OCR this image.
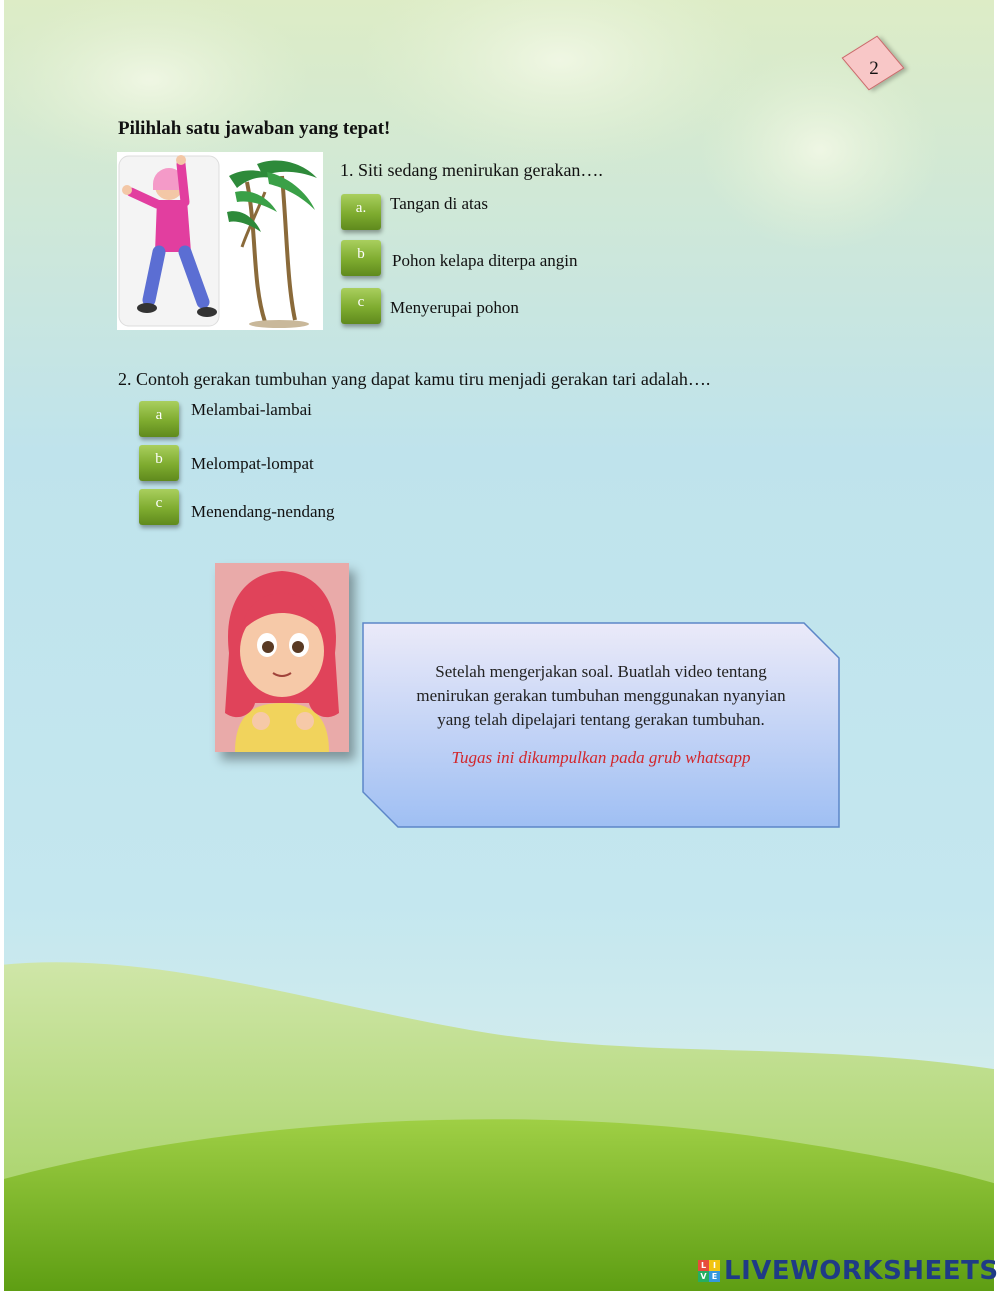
2
Pilihlah satu jawaban yang tepat!
1. Siti sedang menirukan gerakan….
a.	Tangan di atas
b	Pohon kelapa diterpa angin
c	Menyerupai pohon
2. Contoh gerakan tumbuhan yang dapat kamu tiru menjadi gerakan tari adalah….
a	Melambai-lambai
b	Melompat-lompat
c	Menendang-nendang
Setelah mengerjakan soal. Buatlah video tentang
menirukan gerakan tumbuhan menggunakan nyanyian
yang telah dipelajari tentang gerakan tumbuhan.
Tugas ini dikumpulkan pada grub whatsapp
L I
V E LIVEWORKSHEETS
